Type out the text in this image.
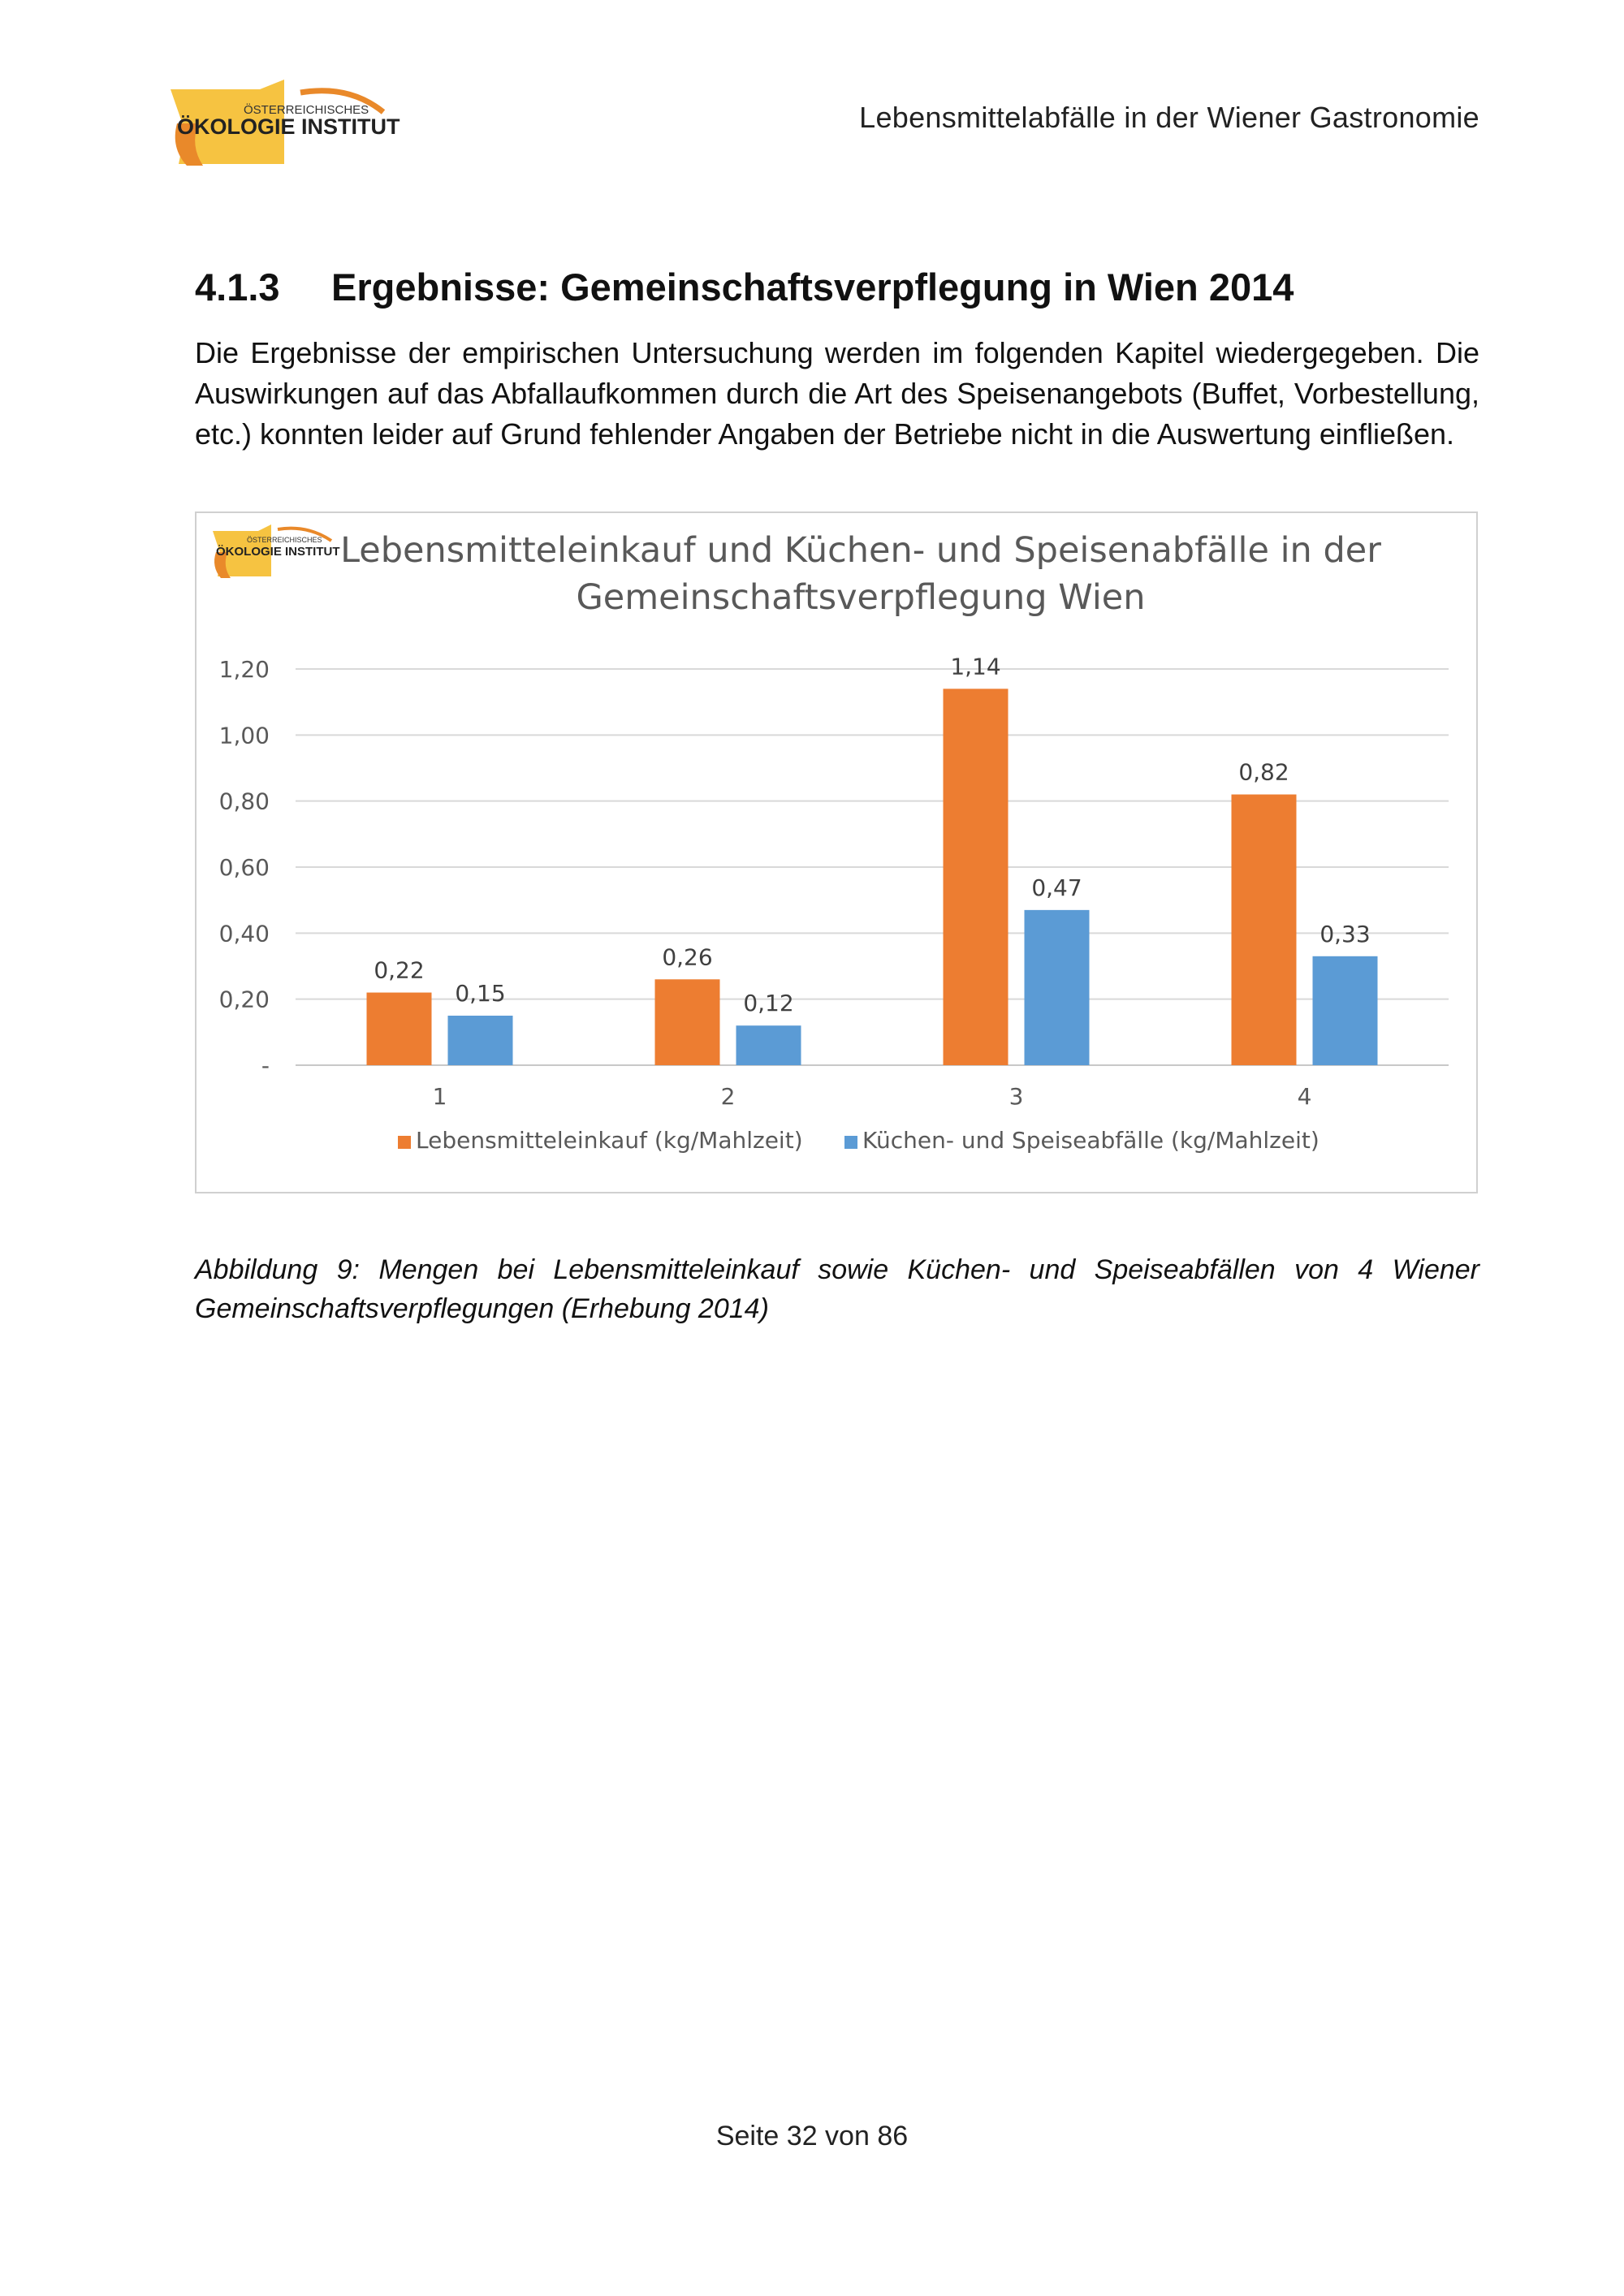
ÖSTERREICHISCHES
ÖKOLOGIE INSTITUT	Lebensmittelabfälle in der Wiener Gastronomie
4.1.3	Ergebnisse: Gemeinschaftsverpflegung in Wien 2014
Die Ergebnisse der empirischen Untersuchung werden im folgenden Kapitel wiedergegeben. Die Auswirkungen auf das Abfallaufkommen durch die Art des Speisenangebots (Buffet, Vorbestellung, etc.) konnten leider auf Grund fehlender Angaben der Betriebe nicht in die Auswertung einfließen.
ÖSTERREICHISCHES
ÖKOLOGIE INSTITUT Lebensmitteleinkauf und Küchen- und Speisenabfälle in der
Gemeinschaftsverpflegung Wien
-
0,20
0,40
0,60
0,80
1,00
1,20
0,22
0,15
1
0,26
0,12
2
1,14
0,47
3
0,82
0,33
4
Lebensmitteleinkauf (kg/Mahlzeit)	Küchen- und Speiseabfälle (kg/Mahlzeit)
Abbildung 9: Mengen bei Lebensmitteleinkauf sowie Küchen- und Speiseabfällen von 4 Wiener Gemeinschaftsverpflegungen (Erhebung 2014)
Seite 32 von 86
